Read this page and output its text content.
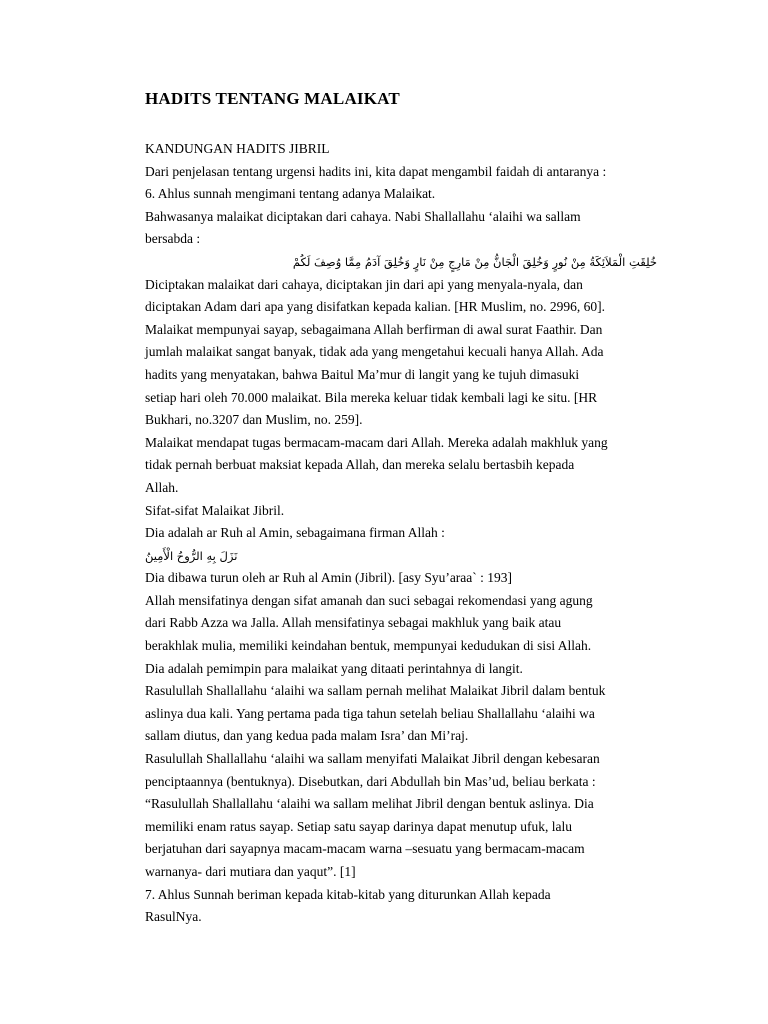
HADITS TENTANG MALAIKAT

KANDUNGAN HADITS JIBRIL

Dari penjelasan tentang urgensi hadits ini, kita dapat mengambil faidah di antaranya :

6. Ahlus sunnah mengimani tentang adanya Malaikat.

Bahwasanya malaikat diciptakan dari cahaya. Nabi Shallallahu ‘alaihi wa sallam

bersabda :

خُلِقَتِ الْمَلاَئِكَةُ مِنْ نُورٍ وَخُلِقَ الْجَانُّ مِنْ مَارِجٍ مِنْ نَارٍ وَخُلِقَ آدَمُ مِمَّا وُصِفَ لَكُمْ

Diciptakan malaikat dari cahaya, diciptakan jin dari api yang menyala-nyala, dan

diciptakan Adam dari apa yang disifatkan kepada kalian. [HR Muslim, no. 2996, 60].

Malaikat mempunyai sayap, sebagaimana Allah berfirman di awal surat Faathir. Dan

jumlah malaikat sangat banyak, tidak ada yang mengetahui kecuali hanya Allah. Ada

hadits yang menyatakan, bahwa Baitul Ma’mur di langit yang ke tujuh dimasuki

setiap hari oleh 70.000 malaikat. Bila mereka keluar tidak kembali lagi ke situ. [HR

Bukhari, no.3207 dan Muslim, no. 259].

Malaikat mendapat tugas bermacam-macam dari Allah. Mereka adalah makhluk yang

tidak pernah berbuat maksiat kepada Allah, dan mereka selalu bertasbih kepada

Allah.

Sifat-sifat Malaikat Jibril.

Dia adalah ar Ruh al Amin, sebagaimana firman Allah :

نَزَلَ بِهِ الرُّوحُ الْأَمِينُ

Dia dibawa turun oleh ar Ruh al Amin (Jibril). [asy Syu’araa` : 193]

Allah mensifatinya dengan sifat amanah dan suci sebagai rekomendasi yang agung

dari Rabb Azza wa Jalla. Allah mensifatinya sebagai makhluk yang baik atau

berakhlak mulia, memiliki keindahan bentuk, mempunyai kedudukan di sisi Allah.

Dia adalah pemimpin para malaikat yang ditaati perintahnya di langit.

Rasulullah Shallallahu ‘alaihi wa sallam pernah melihat Malaikat Jibril dalam bentuk

aslinya dua kali. Yang pertama pada tiga tahun setelah beliau Shallallahu ‘alaihi wa

sallam diutus, dan yang kedua pada malam Isra’ dan Mi’raj.

Rasulullah Shallallahu ‘alaihi wa sallam menyifati Malaikat Jibril dengan kebesaran

penciptaannya (bentuknya). Disebutkan, dari Abdullah bin Mas’ud, beliau berkata :

“Rasulullah Shallallahu ‘alaihi wa sallam melihat Jibril dengan bentuk aslinya. Dia

memiliki enam ratus sayap. Setiap satu sayap darinya dapat menutup ufuk, lalu

berjatuhan dari sayapnya macam-macam warna –sesuatu yang bermacam-macam

warnanya- dari mutiara dan yaqut”. [1]

7. Ahlus Sunnah beriman kepada kitab-kitab yang diturunkan Allah kepada

RasulNya.
